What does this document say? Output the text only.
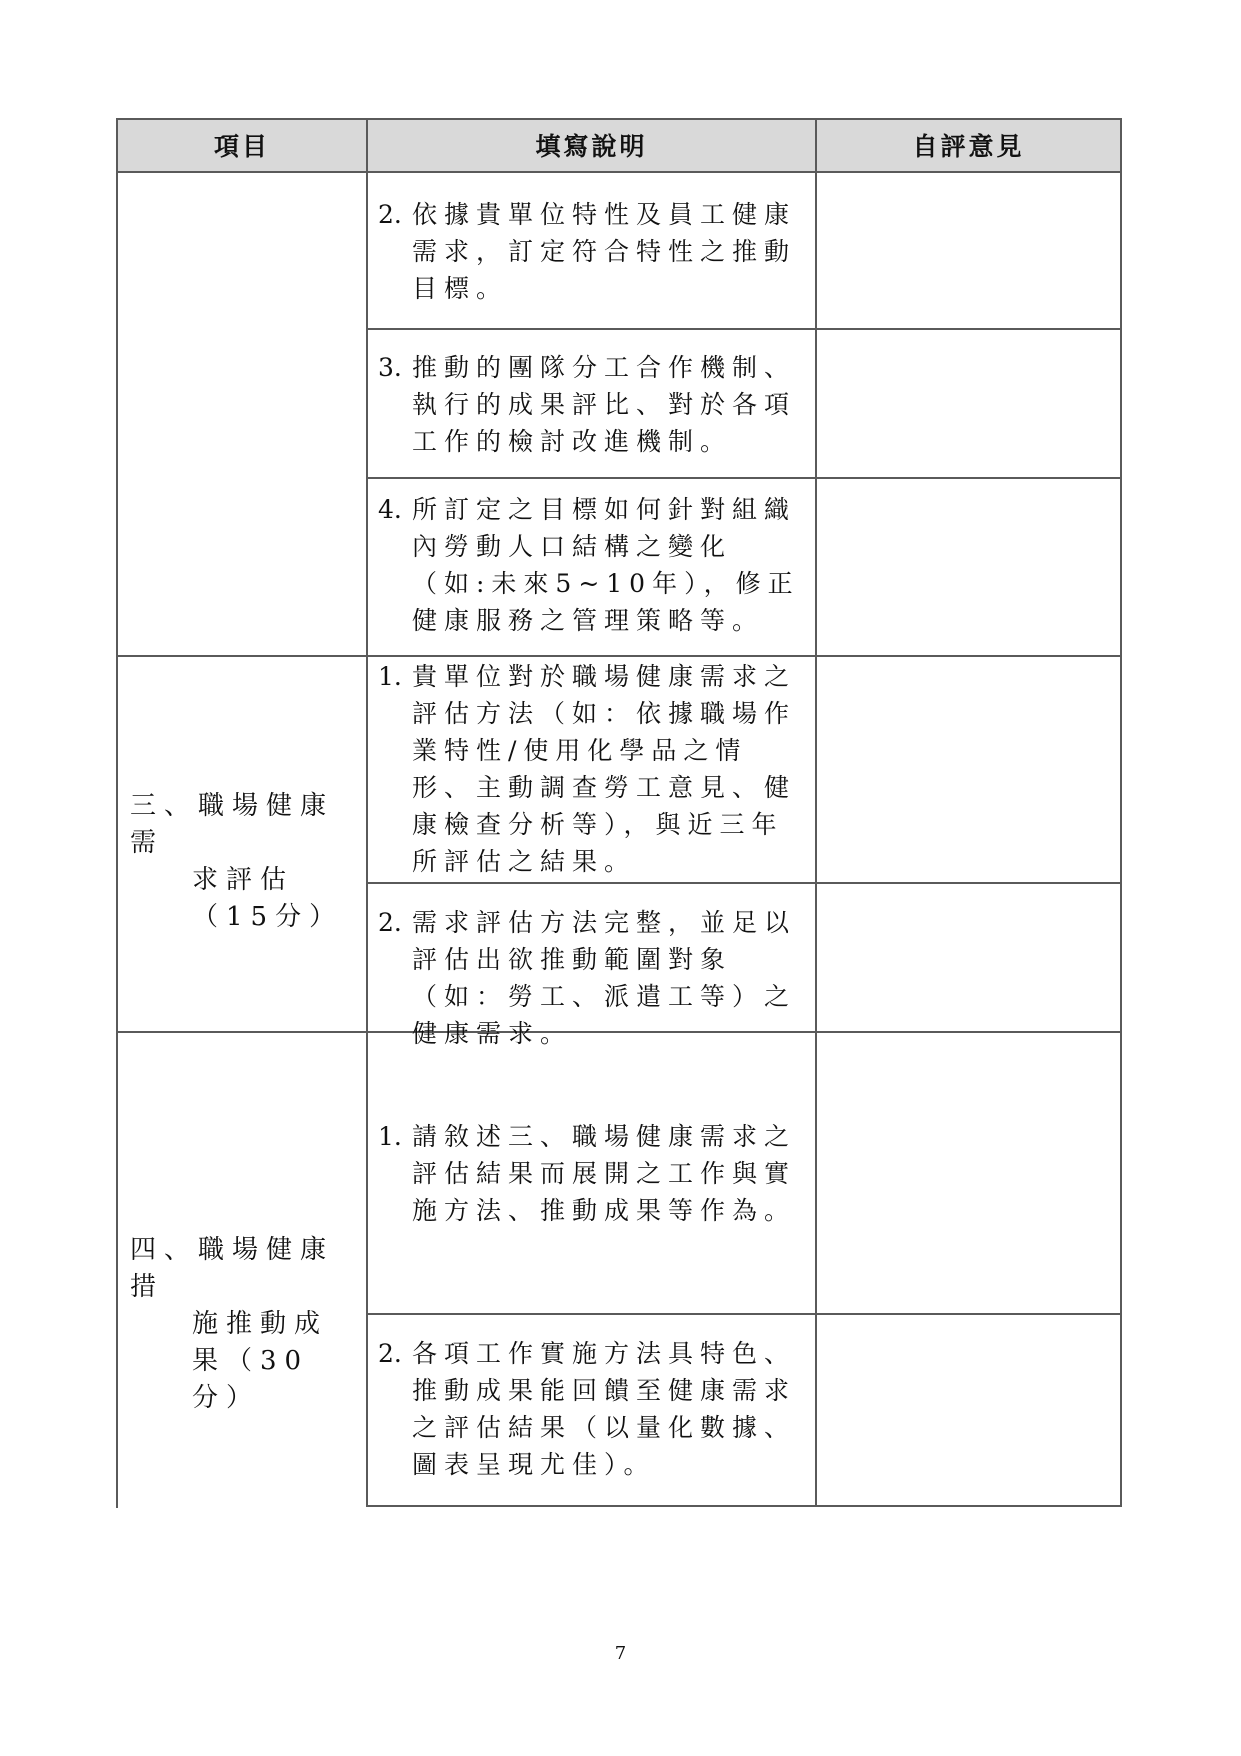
項目	填寫說明	自評意見
2. 依據貴單位特性及員工健康需求，訂定符合特性之推動目標。
3. 推動的團隊分工合作機制、執行的成果評比、對於各項工作的檢討改進機制。
4. 所訂定之目標如何針對組織內勞動人口結構之變化（如:未來5~10年），修正健康服務之管理策略等。
1. 貴單位對於職場健康需求之評估方法（如：依據職場作業特性/使用化學品之情形、主動調查勞工意見、健康檢查分析等），與近三年所評估之結果。
2. 需求評估方法完整，並足以評估出欲推動範圍對象（如：勞工、派遣工等）之健康需求。
1. 請敘述三、職場健康需求之評估結果而展開之工作與實施方法、推動成果等作為。
2. 各項工作實施方法具特色、推動成果能回饋至健康需求之評估結果（以量化數據、圖表呈現尤佳）。
三、職場健康需
求評估（15分）
四、職場健康措
施推動成果（30分）
7
